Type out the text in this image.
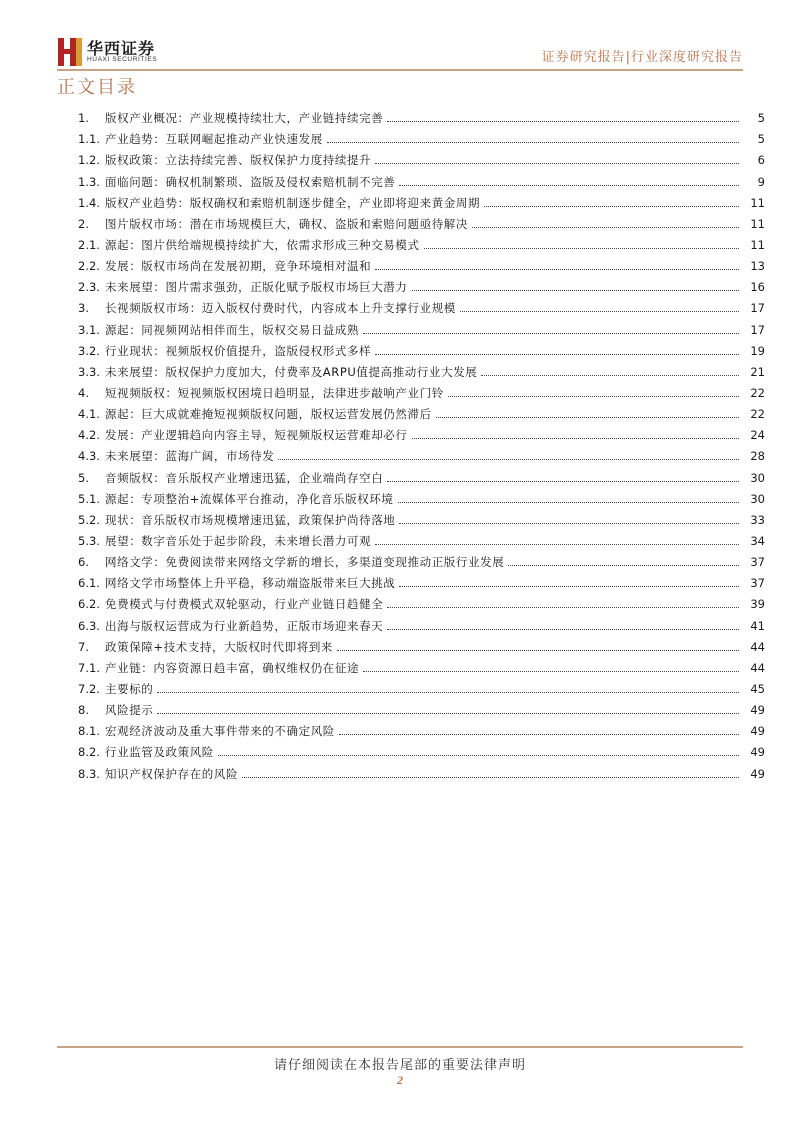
华西证券
HUAXI SECURITIES	证券研究报告|行业深度研究报告
正文目录
1.	版权产业概况：产业规模持续壮大，产业链持续完善	5
1.1. 产业趋势：互联网崛起推动产业快速发展	5
1.2. 版权政策：立法持续完善、版权保护力度持续提升	6
1.3. 面临问题：确权机制繁琐、盗版及侵权索赔机制不完善	9
1.4. 版权产业趋势：版权确权和索赔机制逐步健全，产业即将迎来黄金周期	11
2.	图片版权市场：潜在市场规模巨大，确权、盗版和索赔问题亟待解决	11
2.1. 源起：图片供给端规模持续扩大，依需求形成三种交易模式	11
2.2. 发展：版权市场尚在发展初期，竞争环境相对温和	13
2.3. 未来展望：图片需求强劲，正版化赋予版权市场巨大潜力	16
3.	长视频版权市场：迈入版权付费时代，内容成本上升支撑行业规模	17
3.1. 源起：同视频网站相伴而生，版权交易日益成熟	17
3.2. 行业现状：视频版权价值提升，盗版侵权形式多样	19
3.3. 未来展望：版权保护力度加大，付费率及ARPU值提高推动行业大发展	21
4.	短视频版权：短视频版权困境日趋明显，法律进步敲响产业门铃	22
4.1. 源起：巨大成就难掩短视频版权问题，版权运营发展仍然滞后	22
4.2. 发展：产业逻辑趋向内容主导，短视频版权运营难却必行	24
4.3. 未来展望：蓝海广阔，市场待发	28
5.	音频版权：音乐版权产业增速迅猛，企业端尚存空白	30
5.1. 源起：专项整治+流媒体平台推动，净化音乐版权环境	30
5.2. 现状：音乐版权市场规模增速迅猛，政策保护尚待落地	33
5.3. 展望：数字音乐处于起步阶段，未来增长潜力可观	34
6.	网络文学：免费阅读带来网络文学新的增长，多渠道变现推动正版行业发展	37
6.1. 网络文学市场整体上升平稳，移动端盗版带来巨大挑战	37
6.2. 免费模式与付费模式双轮驱动，行业产业链日趋健全	39
6.3. 出海与版权运营成为行业新趋势，正版市场迎来春天	41
7.	政策保障+技术支持，大版权时代即将到来	44
7.1. 产业链：内容资源日趋丰富，确权维权仍在征途	44
7.2. 主要标的	45
8.	风险提示	49
8.1. 宏观经济波动及重大事件带来的不确定风险	49
8.2. 行业监管及政策风险	49
8.3. 知识产权保护存在的风险	49
请仔细阅读在本报告尾部的重要法律声明
2
